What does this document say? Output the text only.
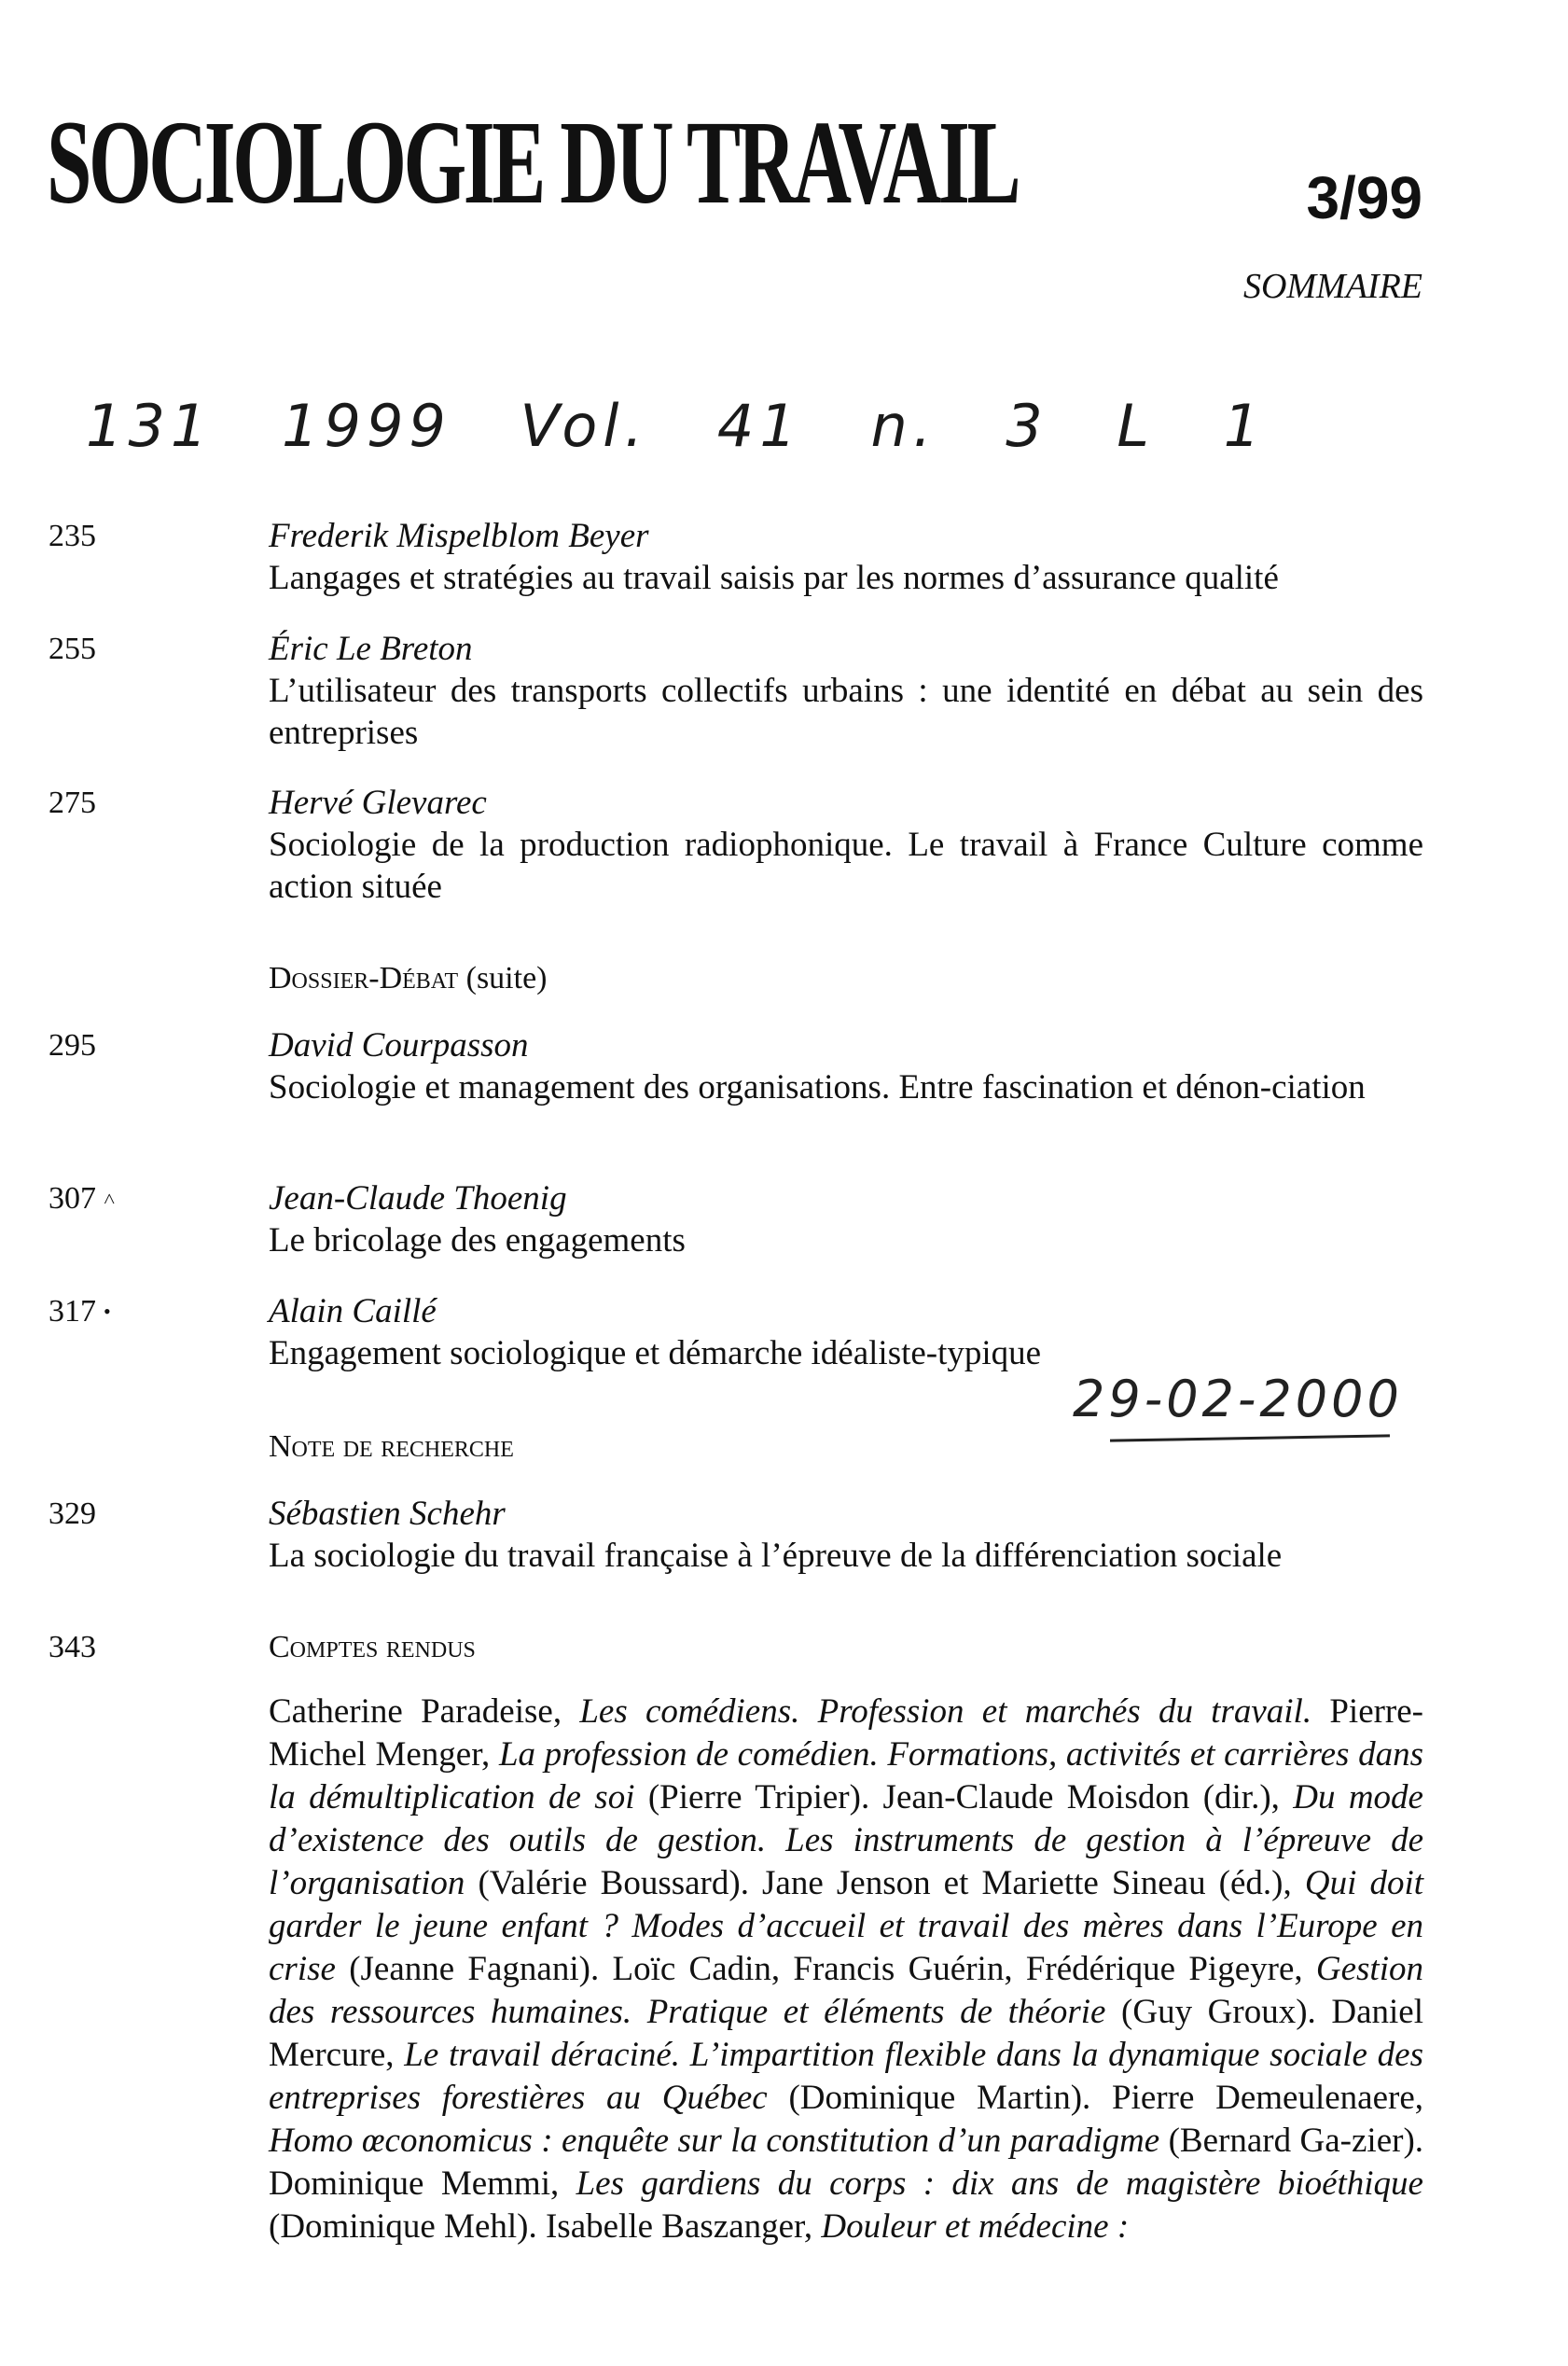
SOCIOLOGIE DU TRAVAIL	3/99
SOMMAIRE
131 1999 Vol. 41 n. 3 L 1
235	Frederik Mispelblom Beyer
Langages et stratégies au travail saisis par les normes d’assurance qualité
255	Éric Le Breton
L’utilisateur des transports collectifs urbains : une identité en débat au sein des entreprises
275	Hervé Glevarec
Sociologie de la production radiophonique. Le travail à France Culture comme action située
Dossier-Débat (suite)
295	David Courpasson
Sociologie et management des organisations. Entre fascination et dénon-ciation
307 ˄	Jean-Claude Thoenig
Le bricolage des engagements
317 •	Alain Caillé
Engagement sociologique et démarche idéaliste-typique
Note de recherche
329	Sébastien Schehr
La sociologie du travail française à l’épreuve de la différenciation sociale
343	Comptes rendus
Catherine Paradeise, Les comédiens. Profession et marchés du travail. Pierre-Michel Menger, La profession de comédien. Formations, activités et carrières dans la démultiplication de soi (Pierre Tripier). Jean-Claude Moisdon (dir.), Du mode d’existence des outils de gestion. Les instruments de gestion à l’épreuve de l’organisation (Valérie Boussard). Jane Jenson et Mariette Sineau (éd.), Qui doit garder le jeune enfant ? Modes d’accueil et travail des mères dans l’Europe en crise (Jeanne Fagnani). Loïc Cadin, Francis Guérin, Frédérique Pigeyre, Gestion des ressources humaines. Pratique et éléments de théorie (Guy Groux). Daniel Mercure, Le travail déraciné. L’impartition flexible dans la dynamique sociale des entreprises forestières au Québec (Dominique Martin). Pierre Demeulenaere, Homo œconomicus : enquête sur la constitution d’un paradigme (Bernard Ga-zier). Dominique Memmi, Les gardiens du corps : dix ans de magistère bioéthique (Dominique Mehl). Isabelle Baszanger, Douleur et médecine :
29-02-2000
